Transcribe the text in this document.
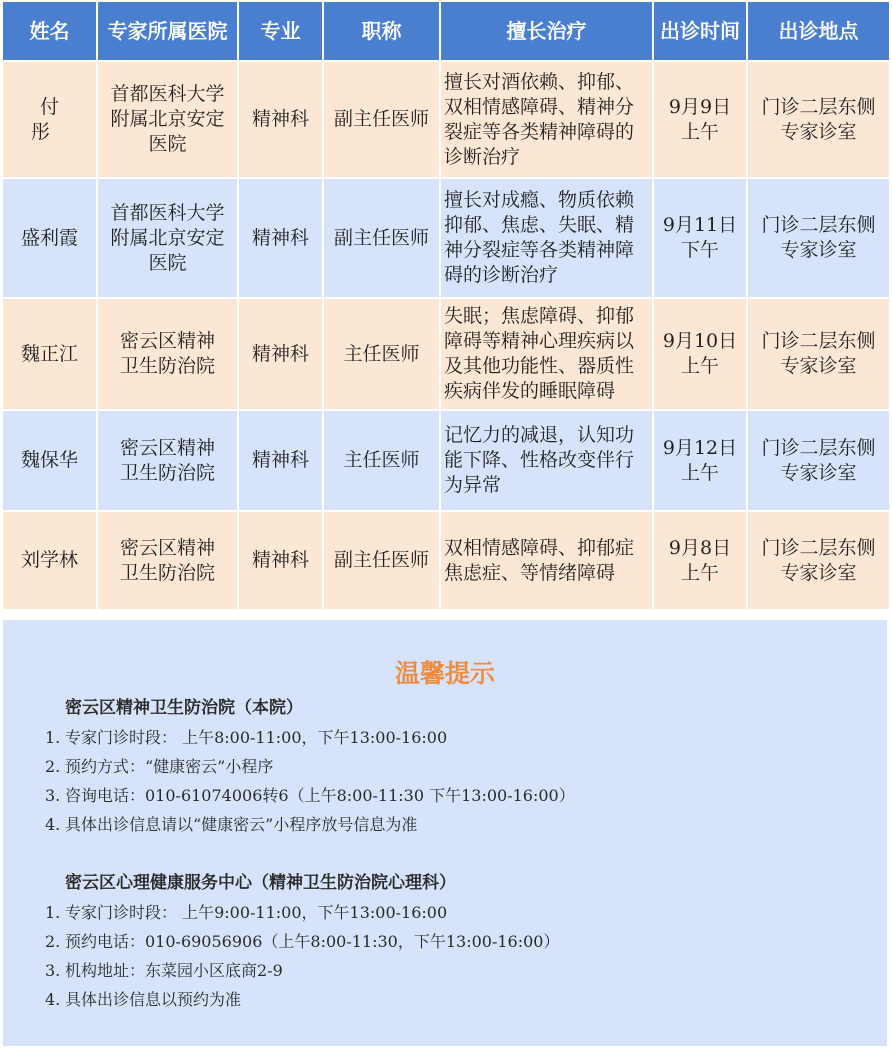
姓名	专家所属医院	专业	职称	擅长治疗	出诊时间	出诊地点
付 彤	首都医科大学
附属北京安定
医院	精神科	副主任医师	擅长对酒依赖、抑郁、
双相情感障碍、精神分
裂症等各类精神障碍的
诊断治疗	9月9日
上午	门诊二层东侧
专家诊室

盛利霞	首都医科大学
附属北京安定
医院	精神科	副主任医师	擅长对成瘾、物质依赖
抑郁、焦虑、失眠、精
神分裂症等各类精神障
碍的诊断治疗	9月11日
下午	门诊二层东侧
专家诊室

魏正江	密云区精神
卫生防治院	精神科	主任医师	失眠；焦虑障碍、抑郁
障碍等精神心理疾病以
及其他功能性、器质性
疾病伴发的睡眠障碍	9月10日
上午	门诊二层东侧
专家诊室

魏保华	密云区精神
卫生防治院	精神科	主任医师	记忆力的减退，认知功
能下降、性格改变伴行
为异常	9月12日
上午	门诊二层东侧
专家诊室

刘学林	密云区精神
卫生防治院	精神科	副主任医师	双相情感障碍、抑郁症
焦虑症、等情绪障碍	9月8日
上午	门诊二层东侧
专家诊室
温馨提示
密云区精神卫生防治院（本院）
1. 专家门诊时段： 上午8:00-11:00，下午13:00-16:00
2. 预约方式：“健康密云”小程序
3. 咨询电话：010-61074006转6（上午8:00-11:30 下午13:00-16:00）
4. 具体出诊信息请以“健康密云”小程序放号信息为准
密云区心理健康服务中心（精神卫生防治院心理科）
1. 专家门诊时段： 上午9:00-11:00，下午13:00-16:00
2. 预约电话：010-69056906（上午8:00-11:30，下午13:00-16:00）
3. 机构地址：东菜园小区底商2-9
4. 具体出诊信息以预约为准
